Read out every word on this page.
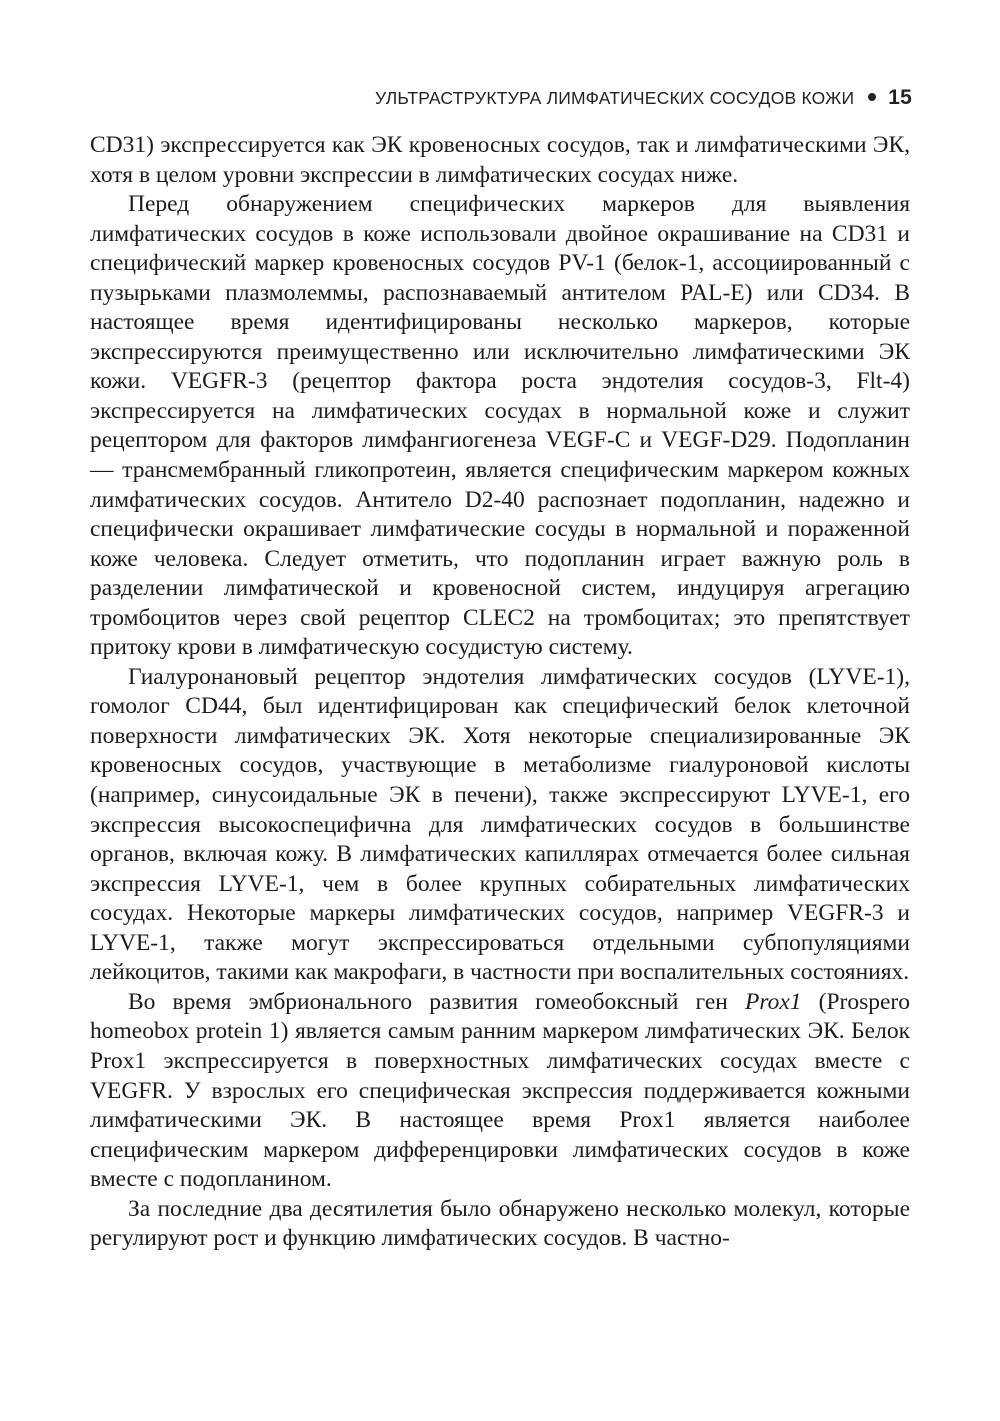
УЛЬТРАСТРУКТУРА ЛИМФАТИЧЕСКИХ СОСУДОВ КОЖИ 15

CD31) экспрессируется как ЭК кровеносных сосудов, так и лимфатическими ЭК, хотя в целом уровни экспрессии в лимфатических сосудах ниже.

Перед обнаружением специфических маркеров для выявления лимфатических сосудов в коже использовали двойное окрашивание на CD31 и специфический маркер кровеносных сосудов PV-1 (белок-1, ассоциированный с пузырьками плазмолеммы, распознаваемый антителом PAL-E) или CD34. В настоящее время идентифицированы несколько маркеров, которые экспрессируются преимущественно или исключительно лимфатическими ЭК кожи. VEGFR-3 (рецептор фактора роста эндотелия сосудов-3, Flt-4) экспрессируется на лимфатических сосудах в нормальной коже и служит рецептором для факторов лимфангиогенеза VEGF-C и VEGF-D29. Подопланин — трансмембранный гликопротеин, является специфическим маркером кожных лимфатических сосудов. Антитело D2-40 распознает подопланин, надежно и специфически окрашивает лимфатические сосуды в нормальной и пораженной коже человека. Следует отметить, что подопланин играет важную роль в разделении лимфатической и кровеносной систем, индуцируя агрегацию тромбоцитов через свой рецептор CLEC2 на тромбоцитах; это препятствует притоку крови в лимфатическую сосудистую систему.

Гиалуронановый рецептор эндотелия лимфатических сосудов (LYVE-1), гомолог CD44, был идентифицирован как специфический белок клеточной поверхности лимфатических ЭК. Хотя некоторые специализированные ЭК кровеносных сосудов, участвующие в метаболизме гиалуроновой кислоты (например, синусоидальные ЭК в печени), также экспрессируют LYVE-1, его экспрессия высокоспецифична для лимфатических сосудов в большинстве органов, включая кожу. В лимфатических капиллярах отмечается более сильная экспрессия LYVE-1, чем в более крупных собирательных лимфатических сосудах. Некоторые маркеры лимфатических сосудов, например VEGFR-3 и LYVE-1, также могут экспрессироваться отдельными субпопуляциями лейкоцитов, такими как макрофаги, в частности при воспалительных состояниях.

Во время эмбрионального развития гомеобоксный ген Prox1 (Prospero homeobox protein 1) является самым ранним маркером лимфатических ЭК. Белок Prox1 экспрессируется в поверхностных лимфатических сосудах вместе с VEGFR. У взрослых его специфическая экспрессия поддерживается кожными лимфатическими ЭК. В настоящее время Prox1 является наиболее специфическим маркером дифференцировки лимфатических сосудов в коже вместе с подопланином.

За последние два десятилетия было обнаружено несколько молекул, которые регулируют рост и функцию лимфатических сосудов. В частно-
